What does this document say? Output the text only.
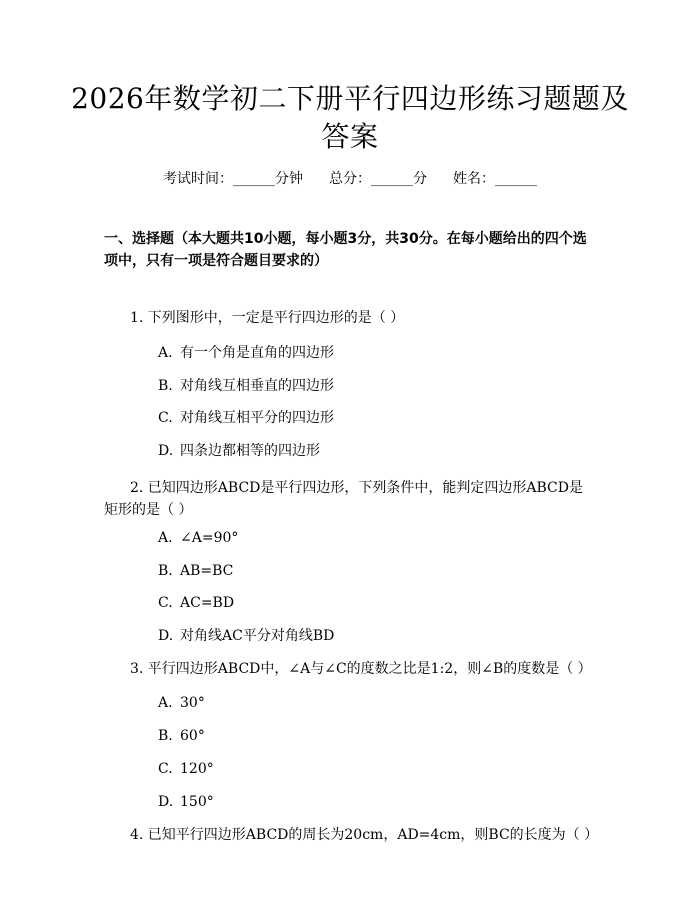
2026年数学初二下册平行四边形练习题题及答案
考试时间：______分钟 总分：______分 姓名：______
一、选择题（本大题共10小题，每小题3分，共30分。在每小题给出的四个选项中，只有一项是符合题目要求的）
1. 下列图形中，一定是平行四边形的是（ ）
A. 有一个角是直角的四边形
B. 对角线互相垂直的四边形
C. 对角线互相平分的四边形
D. 四条边都相等的四边形
2. 已知四边形ABCD是平行四边形，下列条件中，能判定四边形ABCD是矩形的是（ ）
A. ∠A=90°
B. AB=BC
C. AC=BD
D. 对角线AC平分对角线BD
3. 平行四边形ABCD中，∠A与∠C的度数之比是1:2，则∠B的度数是（ ）
A. 30°
B. 60°
C. 120°
D. 150°
4. 已知平行四边形ABCD的周长为20cm，AD=4cm，则BC的长度为（ ）
